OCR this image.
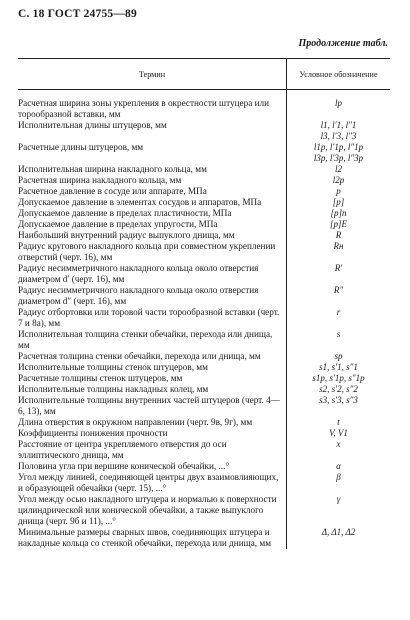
С. 18 ГОСТ 24755—89
Продолжение табл.
Термин	Условное обозначение

Расчетная ширина зоны укрепления в окрестности штуцера или торообразной вставки, мм	lр
Исполнительная длины штуцеров, мм	l1, l′1, l″1
	l3, l′3, l″3
Расчетные длины штуцеров, мм	l1р, l′1р, l″1р
	l3р, l′3р, l″3р
Исполнительная ширина накладного кольца, мм	l2
Расчетная ширина накладного кольца, мм	l2р
Расчетное давление в сосуде или аппарате, МПа	p
Допускаемое давление в элементах сосудов и аппаратов, МПа	[p]
Допускаемое давление в пределах пластичности, МПа	[p]п
Допускаемое давление в пределах упругости, МПа	[p]E
Наибольший внутренний радиус выпуклого днища, мм	R
Радиус кругового накладного кольца при совместном укреплении отверстий (черт. 16), мм	Rн
Радиус несимметричного накладного кольца около отверстия диаметром d′ (черт. 16), мм	R′
Радиус несимметричного накладного кольца около отверстия диаметром d″ (черт. 16), мм	R″
Радиус отбортовки или торовой части торообразной вставки (черт. 7 и 8а), мм	r
Исполнительная толщина стенки обечайки, перехода или днища, мм	s
Расчетная толщина стенки обечайки, перехода или днища, мм	sр
Исполнительные толщины стенок штуцеров, мм	s1, s′1, s″1
Расчетные толщины стенок штуцеров, мм	s1р, s′1р, s″1р
Исполнительные толщины накладных колец, мм	s2, s′2, s″2
Исполнительные толщины внутренних частей штуцеров (черт. 4—6, 13), мм	s3, s′3, s″3
Длина отверстия в окружном направлении (черт. 9в, 9г), мм	t
Коэффициенты понижения прочности	V, V1
Расстояние от центра укрепляемого отверстия до оси эллиптического днища, мм	x
Половина угла при вершине конической обечайки, ...°	α
Угол между линией, соединяющей центры двух взаимовлияющих, и образующей обечайки (черт. 15), ...°	β
Угол между осью накладного штуцера и нормалью к поверхности цилиндрической или конической обечайки, а также выпуклого днища (черт. 9б и 11), ...°	γ
Минимальные размеры сварных швов, соединяющих штуцера и накладные кольца со стенкой обечайки, перехода или днища, мм	Δ, Δ1, Δ2
